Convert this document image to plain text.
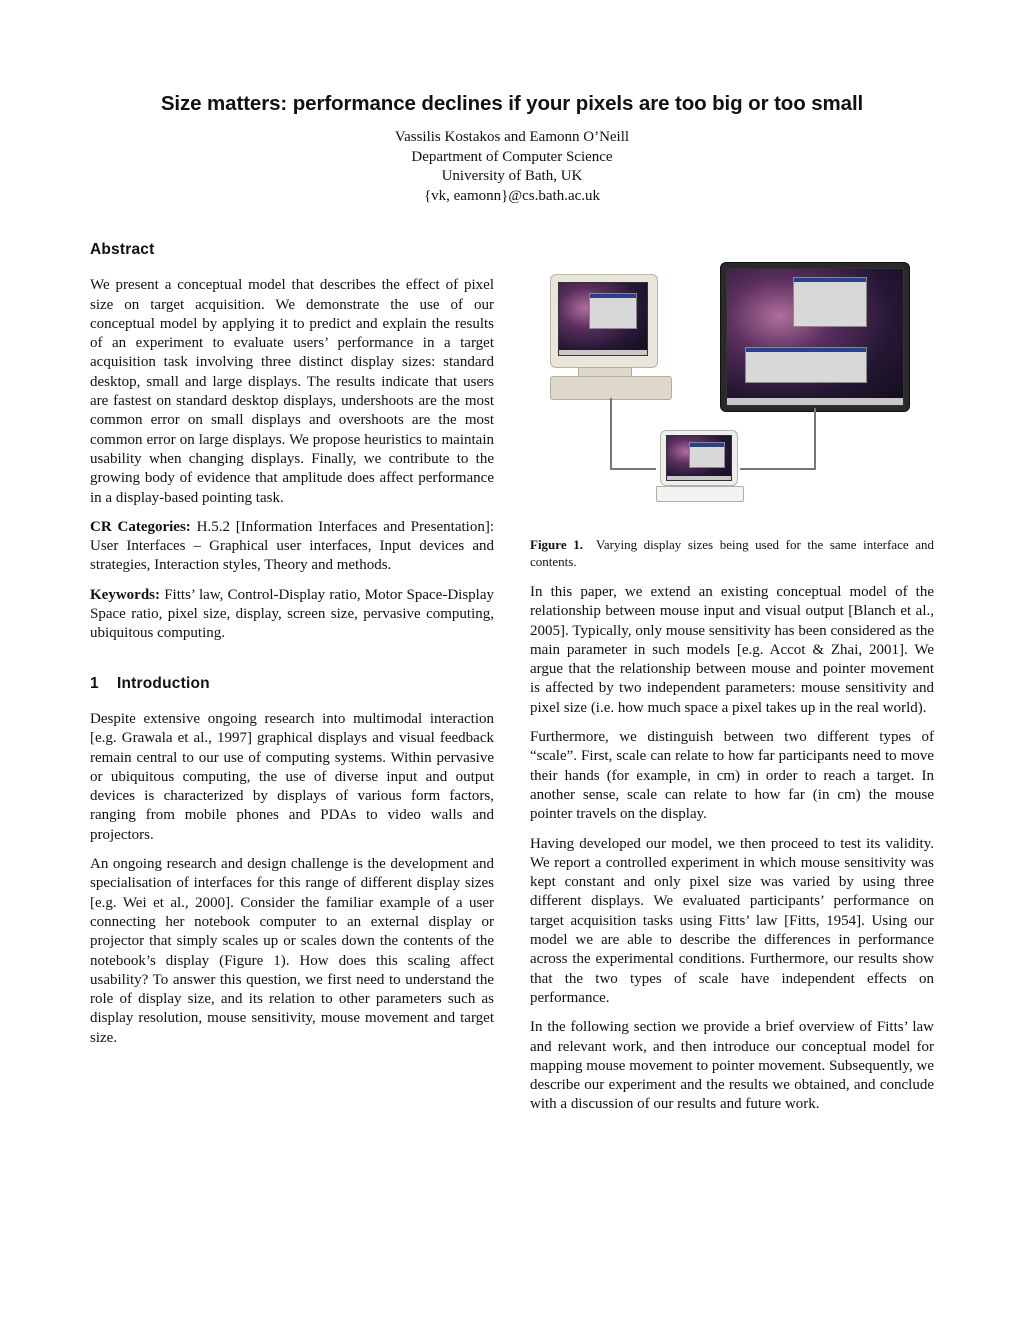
Size matters: performance declines if your pixels are too big or too small
Vassilis Kostakos and Eamonn O’Neill
Department of Computer Science
University of Bath, UK
{vk, eamonn}@cs.bath.ac.uk
Abstract

We present a conceptual model that describes the effect of pixel size on target acquisition. We demonstrate the use of our conceptual model by applying it to predict and explain the results of an experiment to evaluate users’ performance in a target acquisition task involving three distinct display sizes: standard desktop, small and large displays. The results indicate that users are fastest on standard desktop displays, undershoots are the most common error on small displays and overshoots are the most common error on large displays. We propose heuristics to maintain usability when changing displays. Finally, we contribute to the growing body of evidence that amplitude does affect performance in a display-based pointing task.

CR Categories: H.5.2 [Information Interfaces and Presentation]: User Interfaces – Graphical user interfaces, Input devices and strategies, Interaction styles, Theory and methods.

Keywords: Fitts’ law, Control-Display ratio, Motor Space-Display Space ratio, pixel size, display, screen size, pervasive computing, ubiquitous computing.

1 Introduction

Despite extensive ongoing research into multimodal interaction [e.g. Grawala et al., 1997] graphical displays and visual feedback remain central to our use of computing systems. Within pervasive or ubiquitous computing, the use of diverse input and output devices is characterized by displays of various form factors, ranging from mobile phones and PDAs to video walls and projectors.

An ongoing research and design challenge is the development and specialisation of interfaces for this range of different display sizes [e.g. Wei et al., 2000]. Consider the familiar example of a user connecting her notebook computer to an external display or projector that simply scales up or scales down the contents of the notebook’s display (Figure 1). How does this scaling affect usability? To answer this question, we first need to understand the role of display size, and its relation to other parameters such as display resolution, mouse sensitivity, mouse movement and target size.

Figure 1. Varying display sizes being used for the same interface and contents.

In this paper, we extend an existing conceptual model of the relationship between mouse input and visual output [Blanch et al., 2005]. Typically, only mouse sensitivity has been considered as the main parameter in such models [e.g. Accot & Zhai, 2001]. We argue that the relationship between mouse and pointer movement is affected by two independent parameters: mouse sensitivity and pixel size (i.e. how much space a pixel takes up in the real world).

Furthermore, we distinguish between two different types of “scale”. First, scale can relate to how far participants need to move their hands (for example, in cm) in order to reach a target. In another sense, scale can relate to how far (in cm) the mouse pointer travels on the display.

Having developed our model, we then proceed to test its validity. We report a controlled experiment in which mouse sensitivity was kept constant and only pixel size was varied by using three different displays. We evaluated participants’ performance on target acquisition tasks using Fitts’ law [Fitts, 1954]. Using our model we are able to describe the differences in performance across the experimental conditions. Furthermore, our results show that the two types of scale have independent effects on performance.

In the following section we provide a brief overview of Fitts’ law and relevant work, and then introduce our conceptual model for mapping mouse movement to pointer movement. Subsequently, we describe our experiment and the results we obtained, and conclude with a discussion of our results and future work.
